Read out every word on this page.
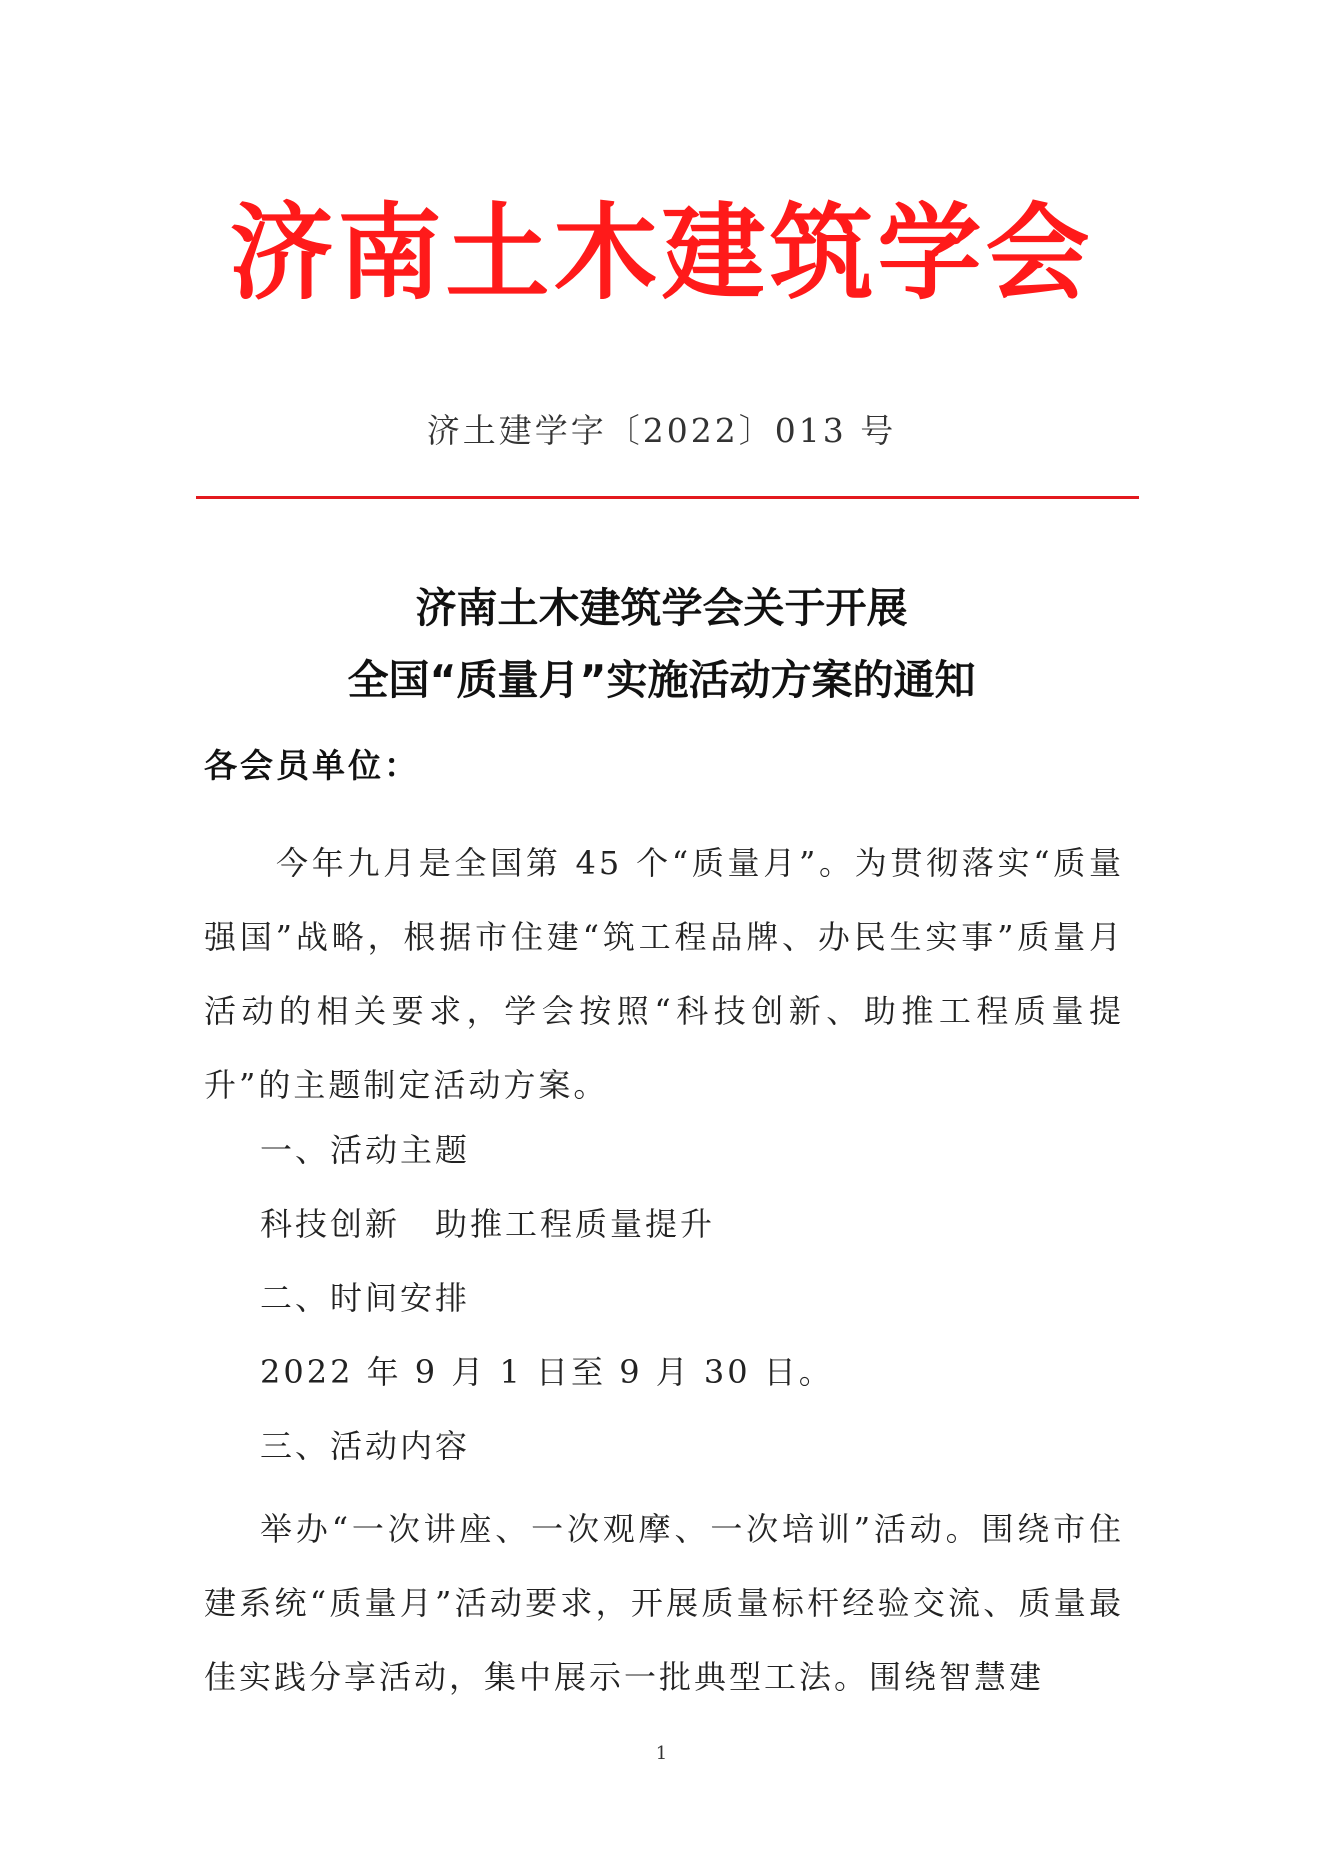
济南土木建筑学会
济土建学字〔2022〕013 号
济南土木建筑学会关于开展
全国“质量月”实施活动方案的通知
各会员单位：
今年九月是全国第 45 个“质量月”。为贯彻落实“质量强国”战略，根据市住建“筑工程品牌、办民生实事”质量月活动的相关要求，学会按照“科技创新、助推工程质量提升”的主题制定活动方案。
一、活动主题
科技创新　助推工程质量提升
二、时间安排
2022 年 9 月 1 日至 9 月 30 日。
三、活动内容
举办“一次讲座、一次观摩、一次培训”活动。围绕市住建系统“质量月”活动要求，开展质量标杆经验交流、质量最佳实践分享活动，集中展示一批典型工法。围绕智慧建
1
